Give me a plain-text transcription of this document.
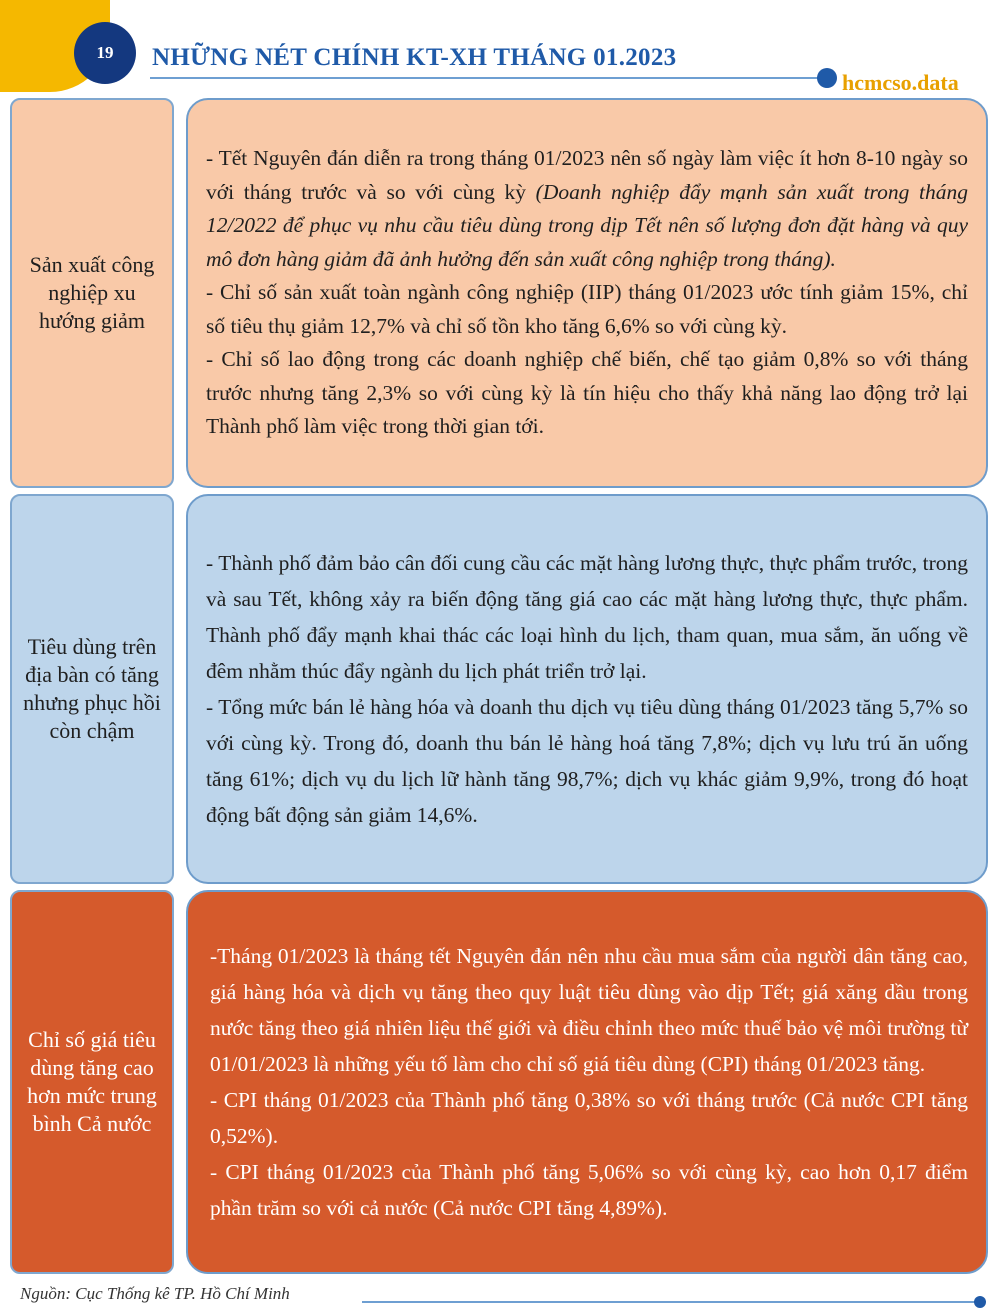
19 NHỮNG NÉT CHÍNH KT-XH THÁNG 01.2023
hcmcso.data
Sản xuất công nghiệp xu hướng giảm

- Tết Nguyên đán diễn ra trong tháng 01/2023 nên số ngày làm việc ít hơn 8-10 ngày so với tháng trước và so với cùng kỳ (Doanh nghiệp đẩy mạnh sản xuất trong tháng 12/2022 để phục vụ nhu cầu tiêu dùng trong dịp Tết nên số lượng đơn đặt hàng và quy mô đơn hàng giảm đã ảnh hưởng đến sản xuất công nghiệp trong tháng).

- Chỉ số sản xuất toàn ngành công nghiệp (IIP) tháng 01/2023 ước tính giảm 15%, chỉ số tiêu thụ giảm 12,7% và chỉ số tồn kho tăng 6,6% so với cùng kỳ.

- Chỉ số lao động trong các doanh nghiệp chế biến, chế tạo giảm 0,8% so với tháng trước nhưng tăng 2,3% so với cùng kỳ là tín hiệu cho thấy khả năng lao động trở lại Thành phố làm việc trong thời gian tới.

Tiêu dùng trên địa bàn có tăng nhưng phục hồi còn chậm

- Thành phố đảm bảo cân đối cung cầu các mặt hàng lương thực, thực phẩm trước, trong và sau Tết, không xảy ra biến động tăng giá cao các mặt hàng lương thực, thực phẩm. Thành phố đẩy mạnh khai thác các loại hình du lịch, tham quan, mua sắm, ăn uống về đêm nhằm thúc đẩy ngành du lịch phát triển trở lại.

- Tổng mức bán lẻ hàng hóa và doanh thu dịch vụ tiêu dùng tháng 01/2023 tăng 5,7% so với cùng kỳ. Trong đó, doanh thu bán lẻ hàng hoá tăng 7,8%; dịch vụ lưu trú ăn uống tăng 61%; dịch vụ du lịch lữ hành tăng 98,7%; dịch vụ khác giảm 9,9%, trong đó hoạt động bất động sản giảm 14,6%.

Chỉ số giá tiêu dùng tăng cao hơn mức trung bình Cả nước

-Tháng 01/2023 là tháng tết Nguyên đán nên nhu cầu mua sắm của người dân tăng cao, giá hàng hóa và dịch vụ tăng theo quy luật tiêu dùng vào dịp Tết; giá xăng dầu trong nước tăng theo giá nhiên liệu thế giới và điều chỉnh theo mức thuế bảo vệ môi trường từ 01/01/2023 là những yếu tố làm cho chỉ số giá tiêu dùng (CPI) tháng 01/2023 tăng.

- CPI tháng 01/2023 của Thành phố tăng 0,38% so với tháng trước (Cả nước CPI tăng 0,52%).

- CPI tháng 01/2023 của Thành phố tăng 5,06% so với cùng kỳ, cao hơn 0,17 điểm phần trăm so với cả nước (Cả nước CPI tăng 4,89%).

Nguồn: Cục Thống kê TP. Hồ Chí Minh
